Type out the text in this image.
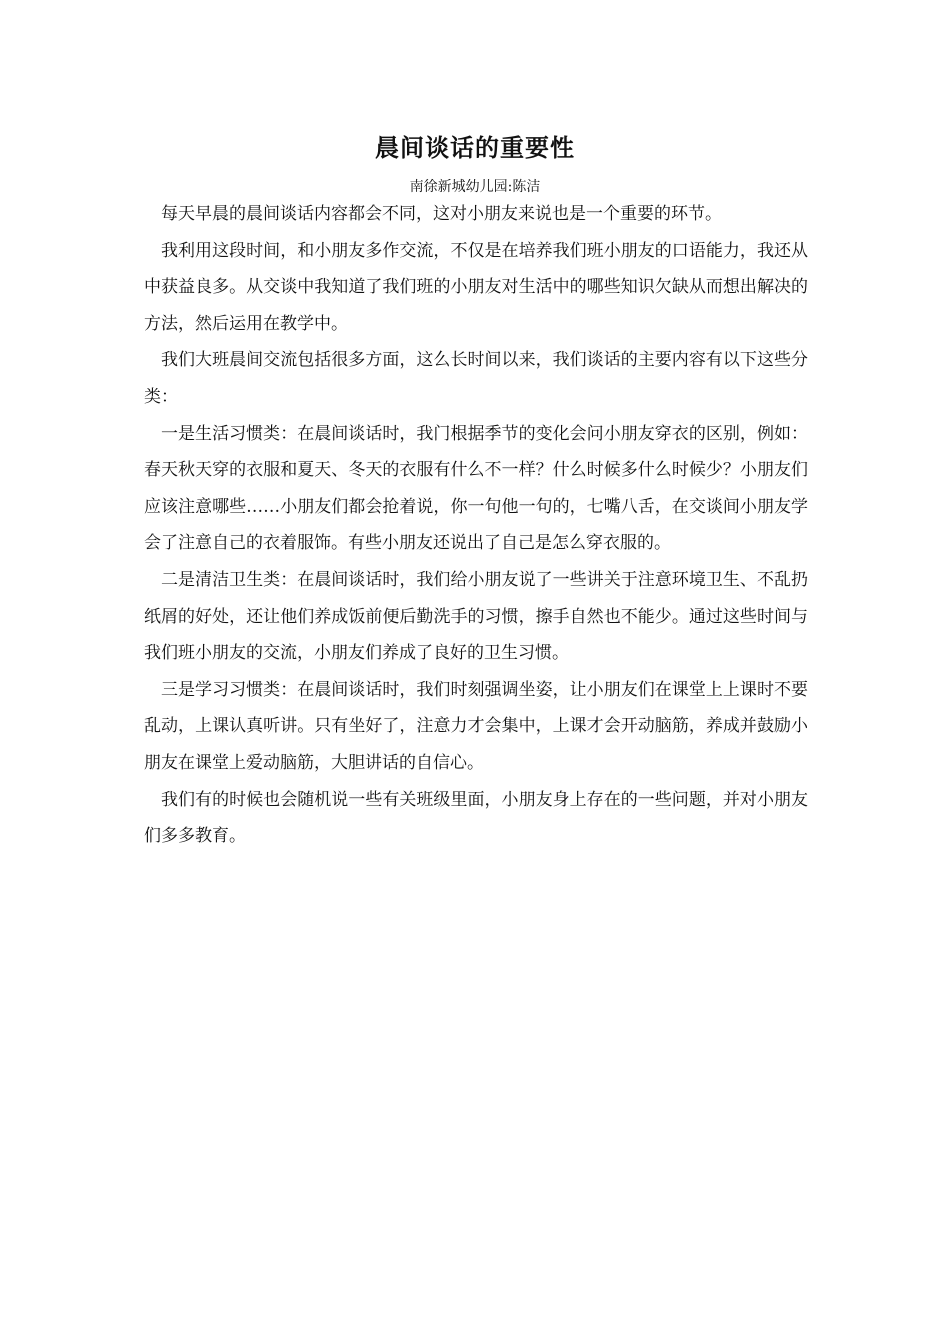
晨间谈话的重要性
南徐新城幼儿园:陈洁

每天早晨的晨间谈话内容都会不同，这对小朋友来说也是一个重要的环节。

我利用这段时间，和小朋友多作交流，不仅是在培养我们班小朋友的口语能力，我还从中获益良多。从交谈中我知道了我们班的小朋友对生活中的哪些知识欠缺从而想出解决的方法，然后运用在教学中。

我们大班晨间交流包括很多方面，这么长时间以来，我们谈话的主要内容有以下这些分类：

一是生活习惯类：在晨间谈话时，我门根据季节的变化会问小朋友穿衣的区别，例如：春天秋天穿的衣服和夏天、冬天的衣服有什么不一样？什么时候多什么时候少？小朋友们应该注意哪些……小朋友们都会抢着说，你一句他一句的，七嘴八舌，在交谈间小朋友学会了注意自己的衣着服饰。有些小朋友还说出了自己是怎么穿衣服的。

二是清洁卫生类：在晨间谈话时，我们给小朋友说了一些讲关于注意环境卫生、不乱扔纸屑的好处，还让他们养成饭前便后勤洗手的习惯，擦手自然也不能少。通过这些时间与我们班小朋友的交流，小朋友们养成了良好的卫生习惯。

三是学习习惯类：在晨间谈话时，我们时刻强调坐姿，让小朋友们在课堂上上课时不要乱动，上课认真听讲。只有坐好了，注意力才会集中，上课才会开动脑筋，养成并鼓励小朋友在课堂上爱动脑筋，大胆讲话的自信心。

我们有的时候也会随机说一些有关班级里面，小朋友身上存在的一些问题，并对小朋友们多多教育。
